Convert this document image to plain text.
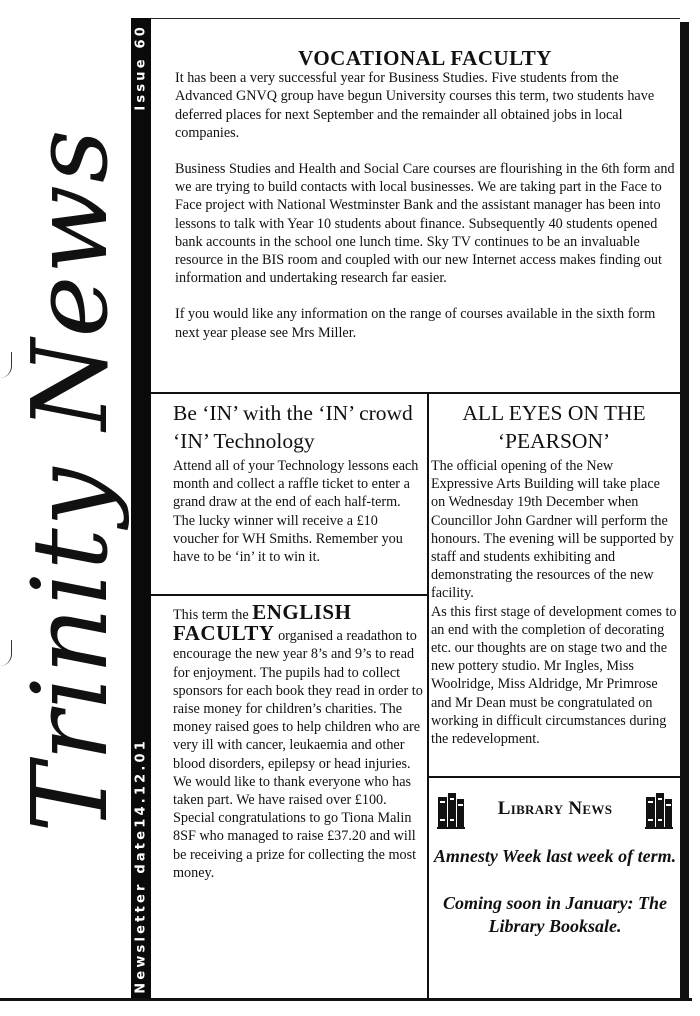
Trinity News
Issue 60
Newsletter date14.12.01
VOCATIONAL FACULTY

It has been a very successful year for Business Studies. Five students from the Advanced GNVQ group have begun University courses this term, two students have deferred places for next September and the remainder all obtained jobs in local companies.

Business Studies and Health and Social Care courses are flourishing in the 6th form and we are trying to build contacts with local businesses. We are taking part in the Face to Face project with National Westminster Bank and the assistant manager has been into lessons to talk with Year 10 students about finance. Subsequently 40 students opened bank accounts in the school one lunch time. Sky TV continues to be an invaluable resource in the BIS room and coupled with our new Internet access makes finding out information and undertaking research far easier.

If you would like any information on the range of courses available in the sixth form next year please see Mrs Miller.

Be ‘IN’ with the ‘IN’ crowd ‘IN’ Technology

Attend all of your Technology lessons each month and collect a raffle ticket to enter a grand draw at the end of each half-term. The lucky winner will receive a £10 voucher for WH Smiths. Remember you have to be ‘in’ it to win it.

This term the ENGLISH FACULTY organised a readathon to encourage the new year 8’s and 9’s to read for enjoyment. The pupils had to collect sponsors for each book they read in order to raise money for children’s charities. The money raised goes to help children who are very ill with cancer, leukaemia and other blood disorders, epilepsy or head injuries.

We would like to thank everyone who has taken part. We have raised over £100. Special congratulations to go Tiona Malin 8SF who managed to raise £37.20 and will be receiving a prize for collecting the most money.

ALL EYES ON THE ‘PEARSON’

The official opening of the New Expressive Arts Building will take place on Wednesday 19th December when Councillor John Gardner will perform the honours. The evening will be supported by staff and students exhibiting and demonstrating the resources of the new facility.

As this first stage of development comes to an end with the completion of decorating etc. our thoughts are on stage two and the new pottery studio. Mr Ingles, Miss Woolridge, Miss Aldridge, Mr Primrose and Mr Dean must be congratulated on working in difficult circumstances during the redevelopment.

Library News

Amnesty Week last week of term.

Coming soon in January: The Library Booksale.
